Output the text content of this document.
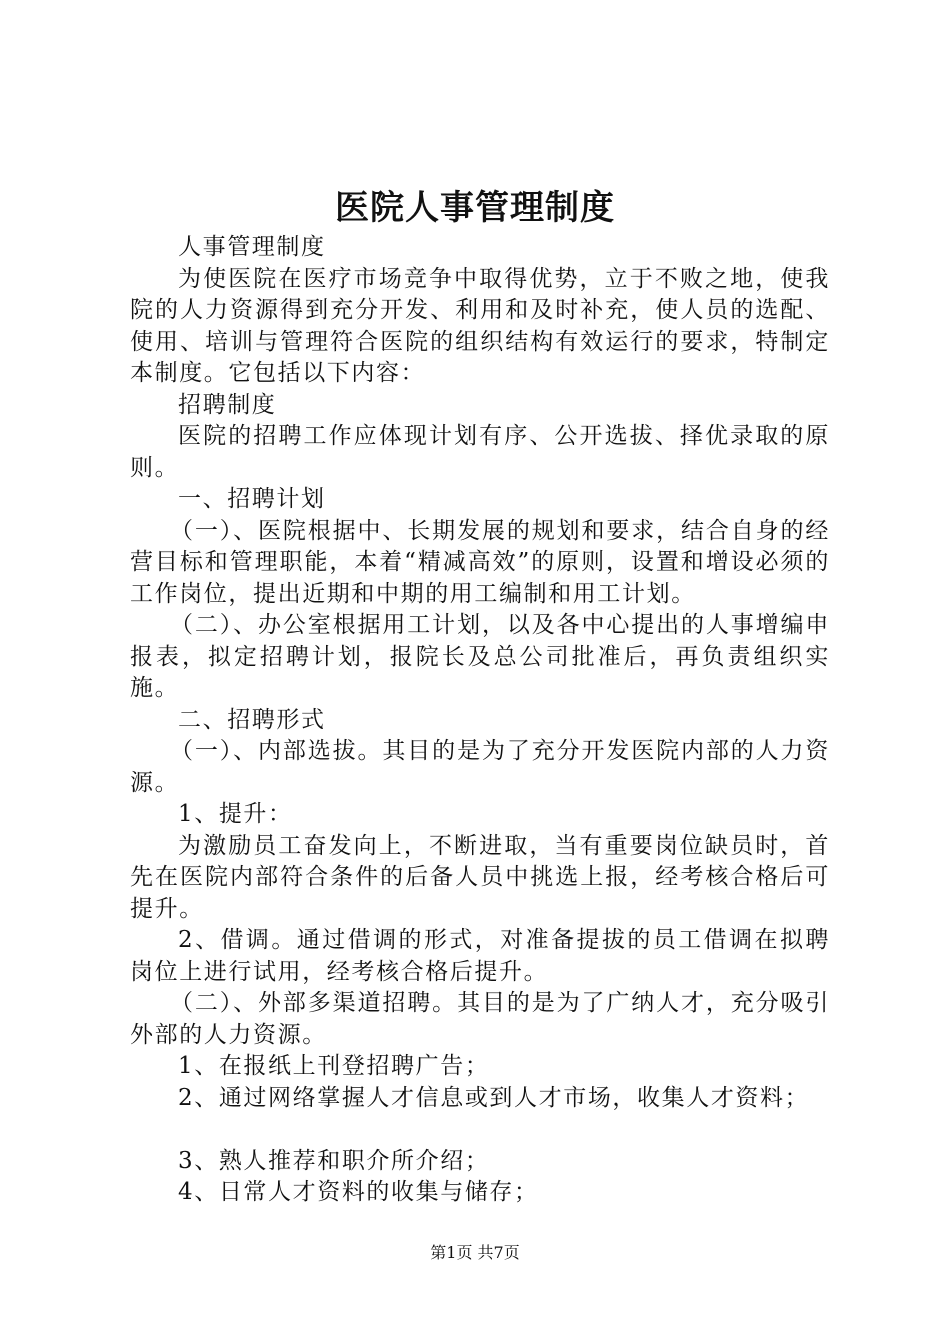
医院人事管理制度

人事管理制度

为使医院在医疗市场竞争中取得优势，立于不败之地，使我院的人力资源得到充分开发、利用和及时补充，使人员的选配、使用、培训与管理符合医院的组织结构有效运行的要求，特制定本制度。它包括以下内容：

招聘制度

医院的招聘工作应体现计划有序、公开选拔、择优录取的原则。

一、招聘计划

（一）、医院根据中、长期发展的规划和要求，结合自身的经营目标和管理职能，本着“精减高效”的原则，设置和增设必须的工作岗位，提出近期和中期的用工编制和用工计划。

（二）、办公室根据用工计划，以及各中心提出的人事增编申报表，拟定招聘计划，报院长及总公司批准后，再负责组织实施。

二、招聘形式

（一）、内部选拔。其目的是为了充分开发医院内部的人力资源。

1、提升：

为激励员工奋发向上，不断进取，当有重要岗位缺员时，首先在医院内部符合条件的后备人员中挑选上报，经考核合格后可提升。

2、借调。通过借调的形式，对准备提拔的员工借调在拟聘岗位上进行试用，经考核合格后提升。

（二）、外部多渠道招聘。其目的是为了广纳人才，充分吸引外部的人力资源。

1、在报纸上刊登招聘广告；

2、通过网络掌握人才信息或到人才市场，收集人才资料；

3、熟人推荐和职介所介绍；

4、日常人才资料的收集与储存；

第1页 共7页
